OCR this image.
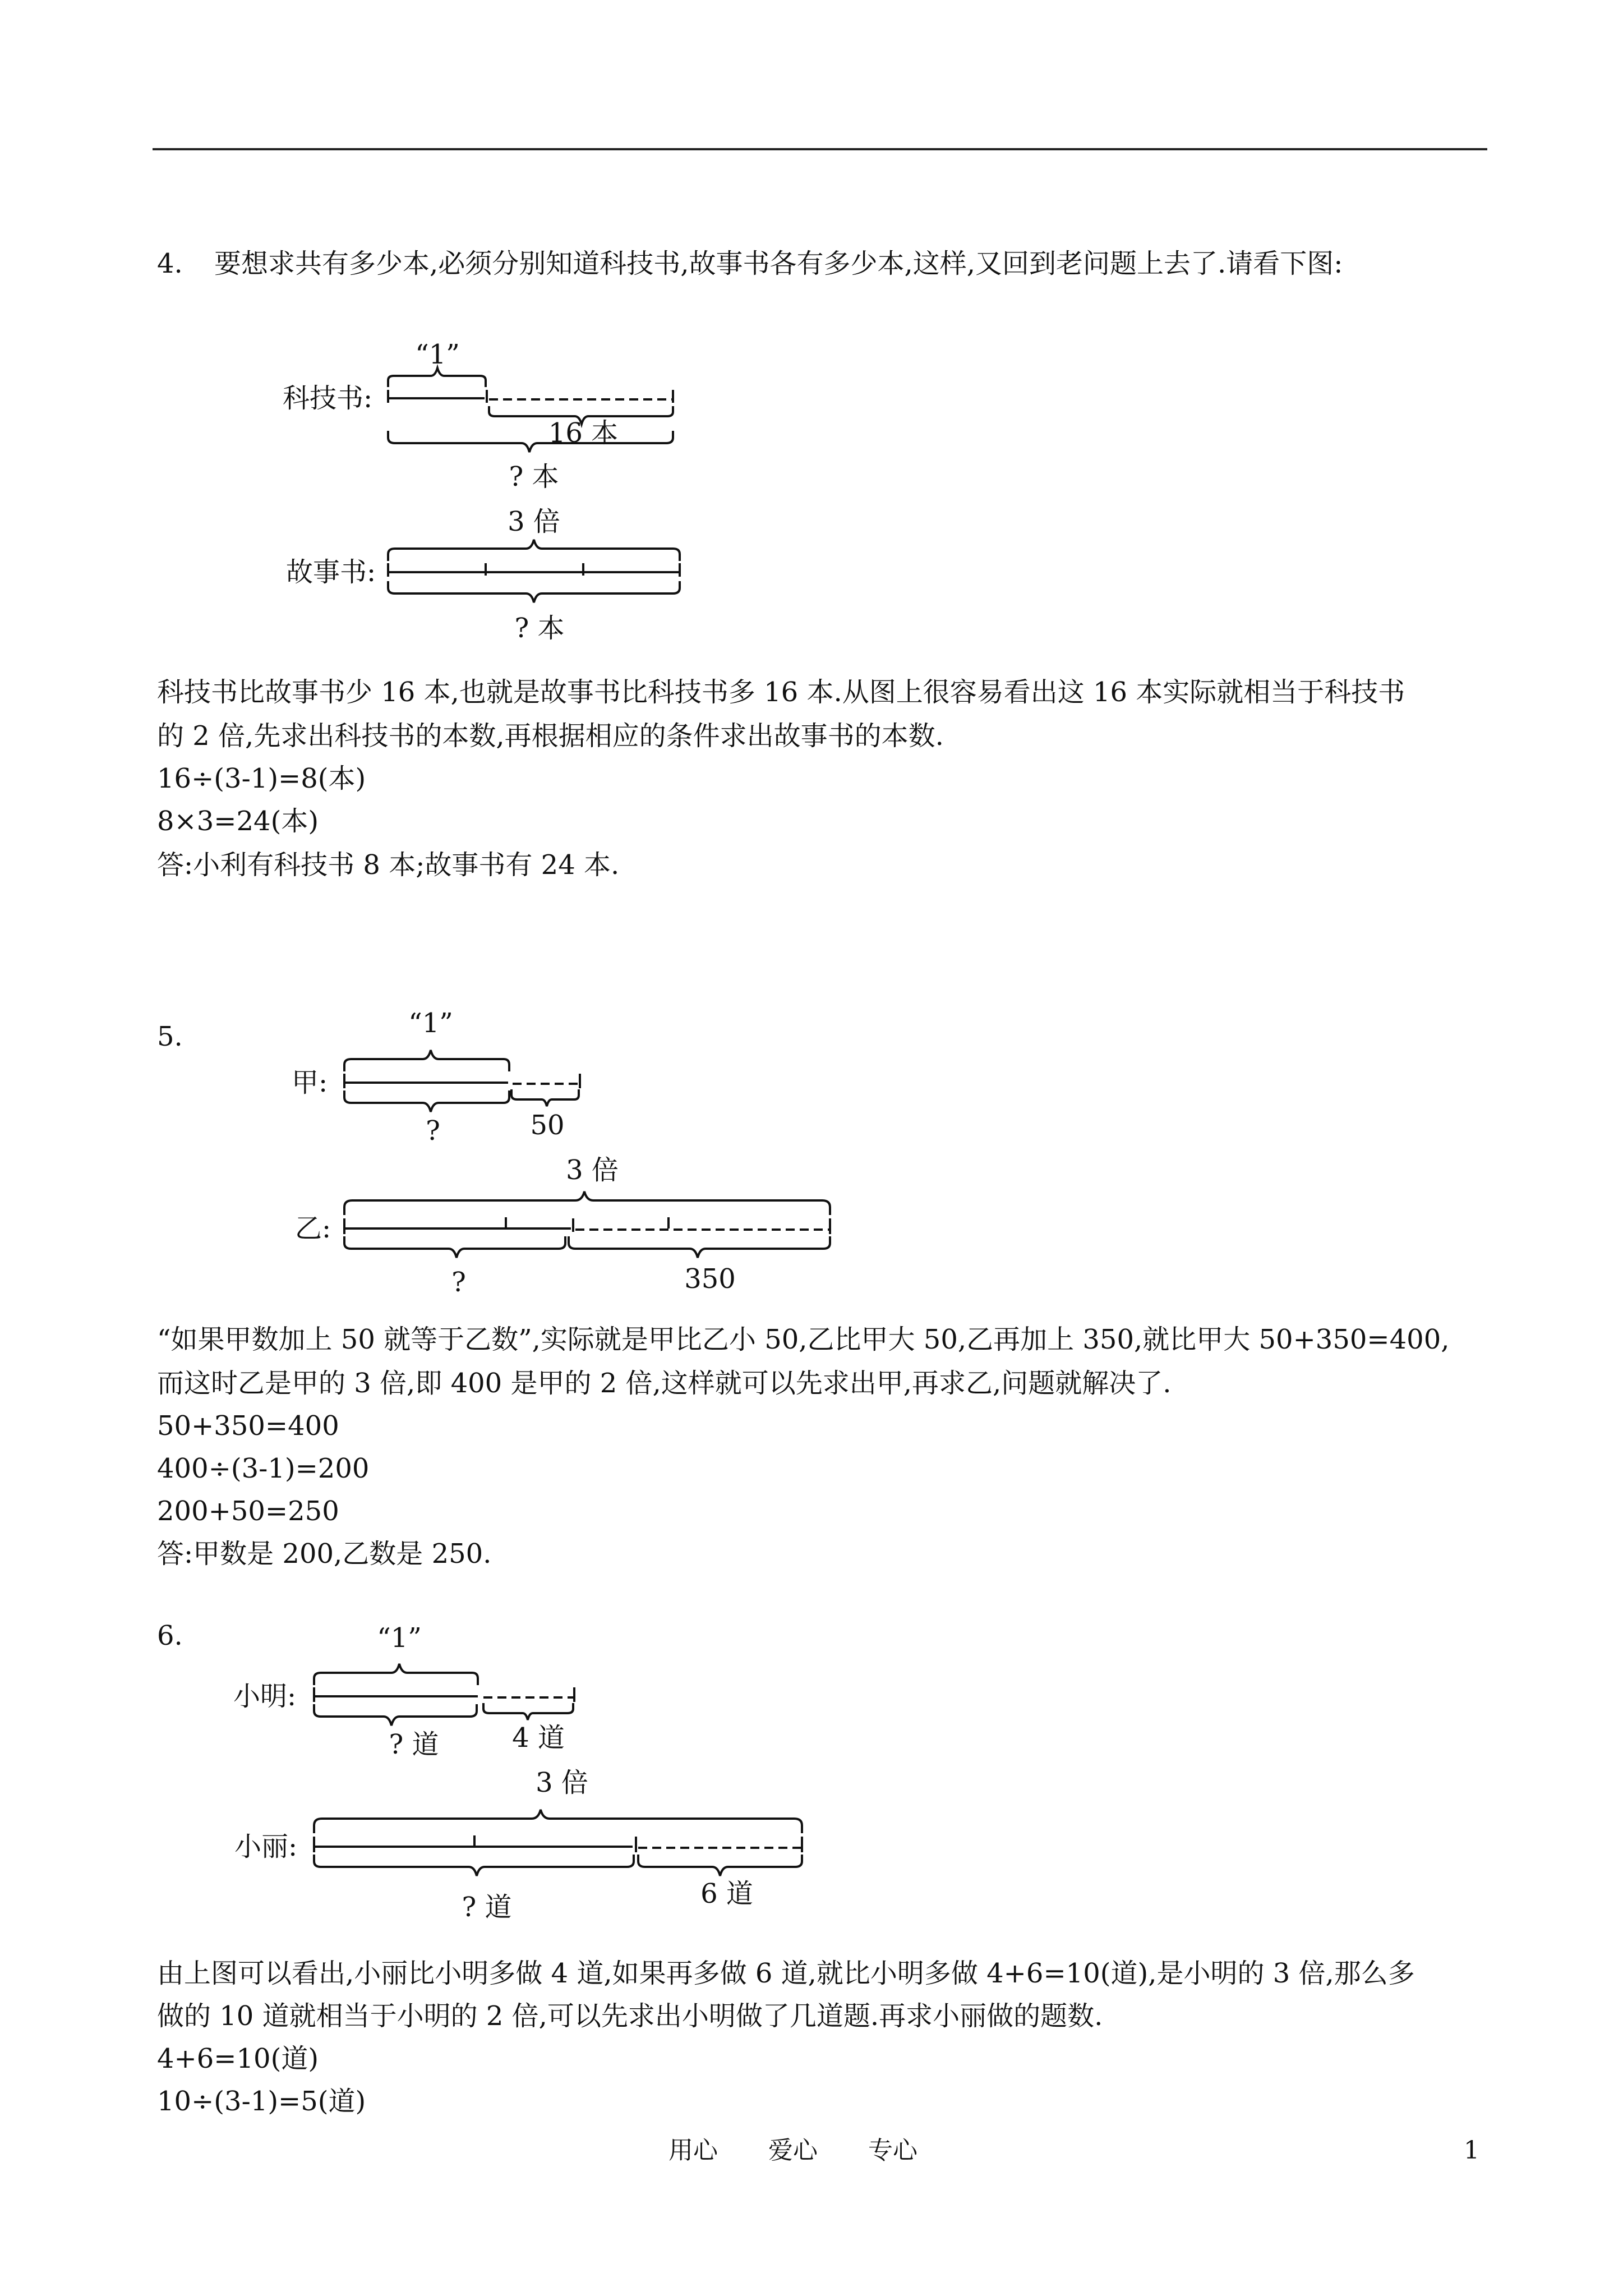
4. 要想求共有多少本,必须分别知道科技书,故事书各有多少本,这样,又回到老问题上去了.请看下图:

科技书:

“1”

16 本

? 本

3 倍

故事书:

? 本

科技书比故事书少 16 本,也就是故事书比科技书多 16 本.从图上很容易看出这 16 本实际就相当于科技书

的 2 倍,先求出科技书的本数,再根据相应的条件求出故事书的本数.

16÷(3-1)=8(本)

8×3=24(本)

答:小利有科技书 8 本;故事书有 24 本.

5.	“1”

甲:

?	50

3 倍

乙:

?	350

“如果甲数加上 50 就等于乙数”,实际就是甲比乙小 50,乙比甲大 50,乙再加上 350,就比甲大 50+350=400,

而这时乙是甲的 3 倍,即 400 是甲的 2 倍,这样就可以先求出甲,再求乙,问题就解决了.

50+350=400

400÷(3-1)=200

200+50=250

答:甲数是 200,乙数是 250.

6.	“1”

小明:

? 道	4 道

3 倍

小丽:

? 道	6 道

由上图可以看出,小丽比小明多做 4 道,如果再多做 6 道,就比小明多做 4+6=10(道),是小明的 3 倍,那么多

做的 10 道就相当于小明的 2 倍,可以先求出小明做了几道题.再求小丽做的题数.

4+6=10(道)

10÷(3-1)=5(道)

用心 爱心 专心	1
